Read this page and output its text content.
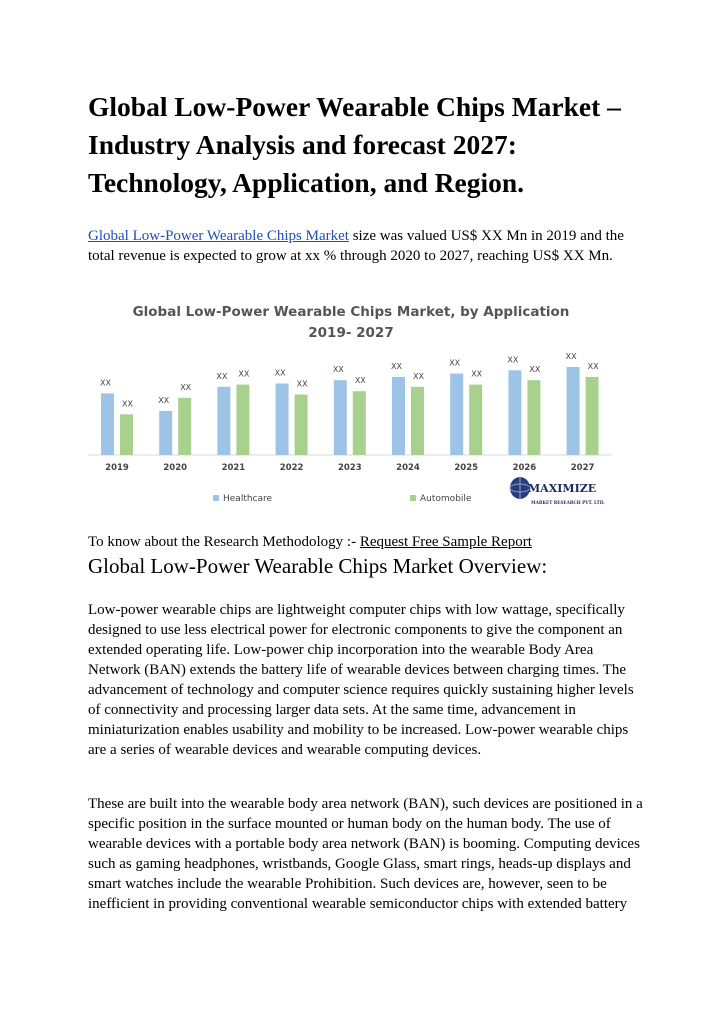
Global Low-Power Wearable Chips Market – Industry Analysis and forecast 2027: Technology, Application, and Region.

Global Low-Power Wearable Chips Market size was valued US$ XX Mn in 2019 and the total revenue is expected to grow at xx % through 2020 to 2027, reaching US$ XX Mn.

Global Low-Power Wearable Chips Market, by Application
2019- 2027
XX
XX	XX
XX
XX XX	XX
XX
XX
XX
XX
XX
XX
XX
XX
XX
XX
XX
2019	2020	2021	2022	2023	2024	2025	2026	2027
Healthcare	Automobile
MAXIMIZE
MARKET RESEARCH PVT. LTD.

To know about the Research Methodology :- Request Free Sample Report

Global Low-Power Wearable Chips Market Overview:

Low-power wearable chips are lightweight computer chips with low wattage, specifically designed to use less electrical power for electronic components to give the component an extended operating life. Low-power chip incorporation into the wearable Body Area Network (BAN) extends the battery life of wearable devices between charging times. The advancement of technology and computer science requires quickly sustaining higher levels of connectivity and processing larger data sets. At the same time, advancement in miniaturization enables usability and mobility to be increased. Low-power wearable chips are a series of wearable devices and wearable computing devices.

These are built into the wearable body area network (BAN), such devices are positioned in a specific position in the surface mounted or human body on the human body. The use of wearable devices with a portable body area network (BAN) is booming. Computing devices such as gaming headphones, wristbands, Google Glass, smart rings, heads-up displays and smart watches include the wearable Prohibition. Such devices are, however, seen to be inefficient in providing conventional wearable semiconductor chips with extended battery
